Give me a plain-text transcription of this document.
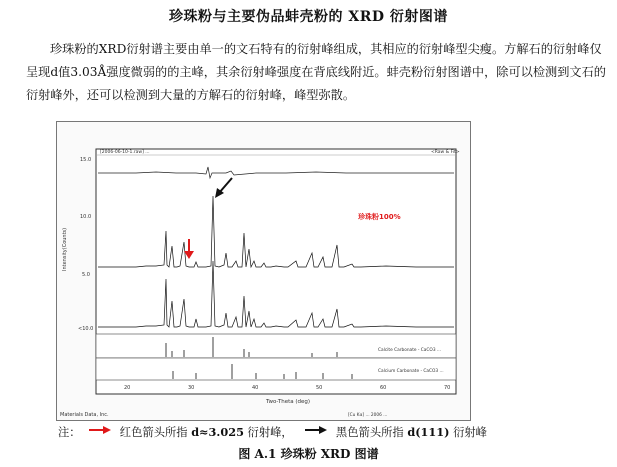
珍珠粉与主要伪品蚌壳粉的 XRD 衍射图谱

珍珠粉的XRD衍射谱主要由单一的文石特有的衍射峰组成，其相应的衍射峰型尖瘦。方解石的衍射峰仅呈现d值3.03Å强度微弱的的主峰，其余衍射峰强度在背底线附近。蚌壳粉衍射图谱中，除可以检测到文石的衍射峰外，还可以检测到大量的方解石的衍射峰，峰型弥散。

[2006-06-10-1.raw] ...	<Raw & Fit>
Intensity(Counts)
15.0
10.0
5.0
<10.0
珍珠粉100%
Calcite Carbonate - CaCO3 ...
Calcium Carbonate - CaCO3 ...
20	30	40	50	60	70
Two-Theta (deg)
Materials Data, Inc.	[Cu Kα] ... 2006 ...
注：	红色箭头所指 d≈3.025 衍射峰，	黑色箭头所指 d(111) 衍射峰
图 A.1 珍珠粉 XRD 图谱
